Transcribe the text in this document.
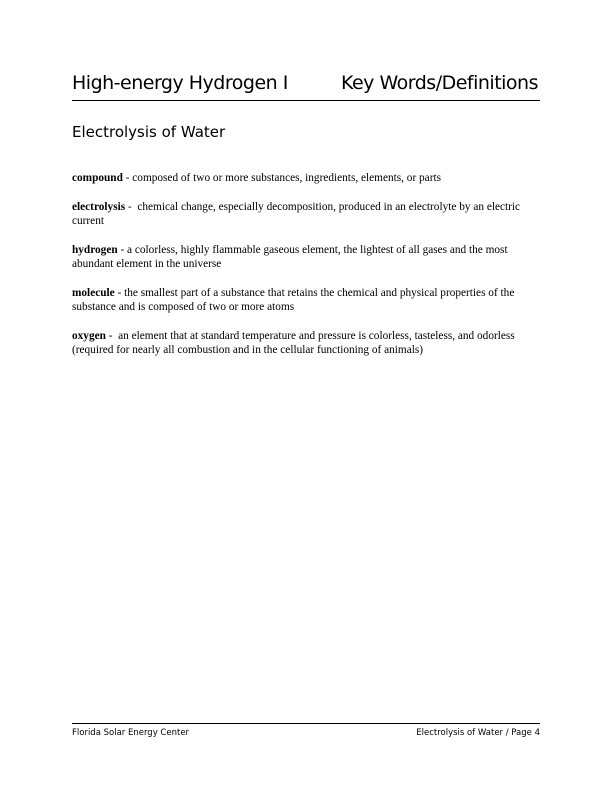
High-energy Hydrogen I	Key Words/Definitions
Electrolysis of Water

compound - composed of two or more substances, ingredients, elements, or parts

electrolysis -  chemical change, especially decomposition, produced in an electrolyte by an electric current

hydrogen - a colorless, highly flammable gaseous element, the lightest of all gases and the most abundant element in the universe

molecule - the smallest part of a substance that retains the chemical and physical properties of the substance and is composed of two or more atoms

oxygen -  an element that at standard temperature and pressure is colorless, tasteless, and odorless (required for nearly all combustion and in the cellular functioning of animals)

Florida Solar Energy Center	Electrolysis of Water / Page 4
